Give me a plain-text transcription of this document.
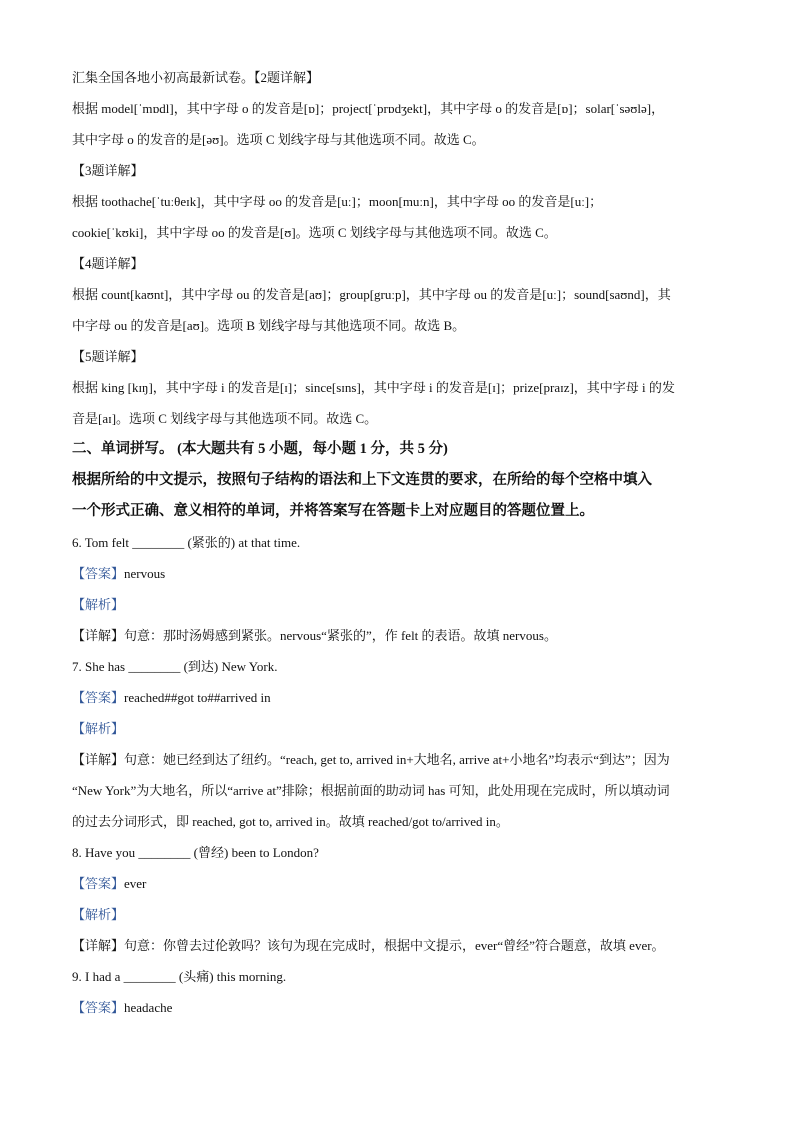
汇集全国各地小初高最新试卷。【2题详解】
根据 model[ˈmɒdl]，其中字母 o 的发音是[ɒ]；project[ˈprɒdʒekt]，其中字母 o 的发音是[ɒ]；solar[ˈsəʊlə]，
其中字母 o 的发音的是[əʊ]。选项 C 划线字母与其他选项不同。故选 C。
【3题详解】
根据 toothache[ˈtuːθeɪk]，其中字母 oo 的发音是[uː]；moon[muːn]，其中字母 oo 的发音是[uː]；
cookie[ˈkʊki]，其中字母 oo 的发音是[ʊ]。选项 C 划线字母与其他选项不同。故选 C。
【4题详解】
根据 count[kaʊnt]，其中字母 ou 的发音是[aʊ]；group[gruːp]，其中字母 ou 的发音是[uː]；sound[saʊnd]，其
中字母 ou 的发音是[aʊ]。选项 B 划线字母与其他选项不同。故选 B。
【5题详解】
根据 king [kɪŋ]，其中字母 i 的发音是[ɪ]；since[sɪns]，其中字母 i 的发音是[ɪ]；prize[praɪz]，其中字母 i 的发
音是[aɪ]。选项 C 划线字母与其他选项不同。故选 C。
二、单词拼写。 (本大题共有 5 小题，每小题 1 分，共 5 分)
根据所给的中文提示，按照句子结构的语法和上下文连贯的要求，在所给的每个空格中填入
一个形式正确、意义相符的单词，并将答案写在答题卡上对应题目的答题位置上。
6. Tom felt ________ (紧张的) at that time.
【答案】nervous
【解析】
【详解】句意：那时汤姆感到紧张。nervous“紧张的”，作 felt 的表语。故填 nervous。
7. She has ________ (到达) New York.
【答案】reached##got to##arrived in
【解析】
【详解】句意：她已经到达了纽约。“reach, get to, arrived in+大地名, arrive at+小地名”均表示“到达”；因为
“New York”为大地名，所以“arrive at”排除；根据前面的助动词 has 可知，此处用现在完成时，所以填动词
的过去分词形式，即 reached, got to, arrived in。故填 reached/got to/arrived in。
8. Have you ________ (曾经) been to London?
【答案】ever
【解析】
【详解】句意：你曾去过伦敦吗？该句为现在完成时，根据中文提示，ever“曾经”符合题意，故填 ever。
9. I had a ________ (头痛) this morning.
【答案】headache
